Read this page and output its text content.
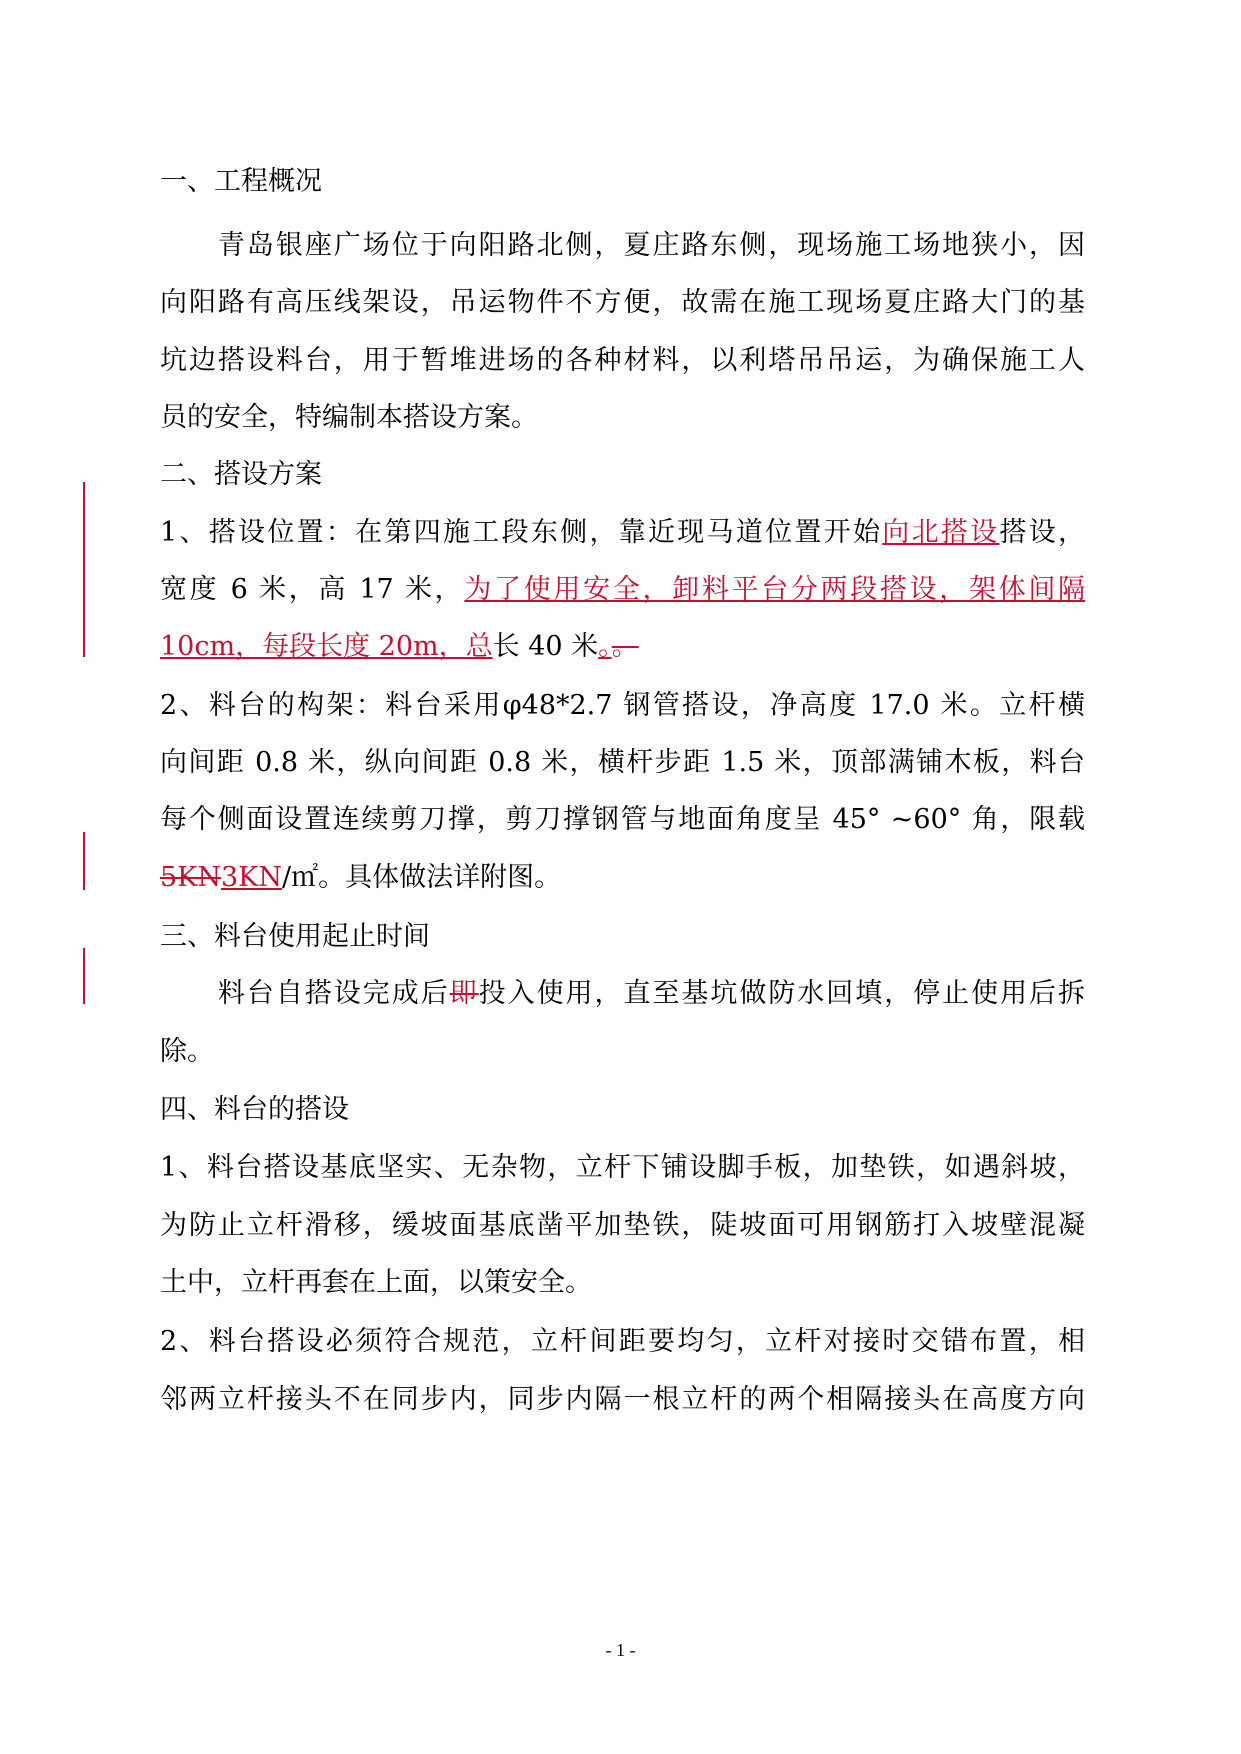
一、工程概况
　　青岛银座广场位于向阳路北侧，夏庄路东侧，现场施工场地狭小，因
向阳路有高压线架设，吊运物件不方便，故需在施工现场夏庄路大门的基
坑边搭设料台，用于暂堆进场的各种材料，以利塔吊吊运，为确保施工人
员的安全，特编制本搭设方案。
二、搭设方案
1、搭设位置：在第四施工段东侧，靠近现马道位置开始向北搭设搭设，
宽度 6 米，高 17 米，为了使用安全，卸料平台分两段搭设，架体间隔
10cm，每段长度 20m，总长 40 米。。
2、料台的构架：料台采用φ48*2.7 钢管搭设，净高度 17.0 米。立杆横
向间距 0.8 米，纵向间距 0.8 米，横杆步距 1.5 米，顶部满铺木板，料台
每个侧面设置连续剪刀撑，剪刀撑钢管与地面角度呈 45° ~60° 角，限载
5KN3KN/㎡。具体做法详附图。
三、料台使用起止时间
　　料台自搭设完成后即投入使用，直至基坑做防水回填，停止使用后拆
除。
四、料台的搭设
1、料台搭设基底坚实、无杂物，立杆下铺设脚手板，加垫铁，如遇斜坡，
为防止立杆滑移，缓坡面基底凿平加垫铁，陡坡面可用钢筋打入坡壁混凝
土中，立杆再套在上面，以策安全。
2、料台搭设必须符合规范，立杆间距要均匀，立杆对接时交错布置，相
邻两立杆接头不在同步内，同步内隔一根立杆的两个相隔接头在高度方向
- 1 -
